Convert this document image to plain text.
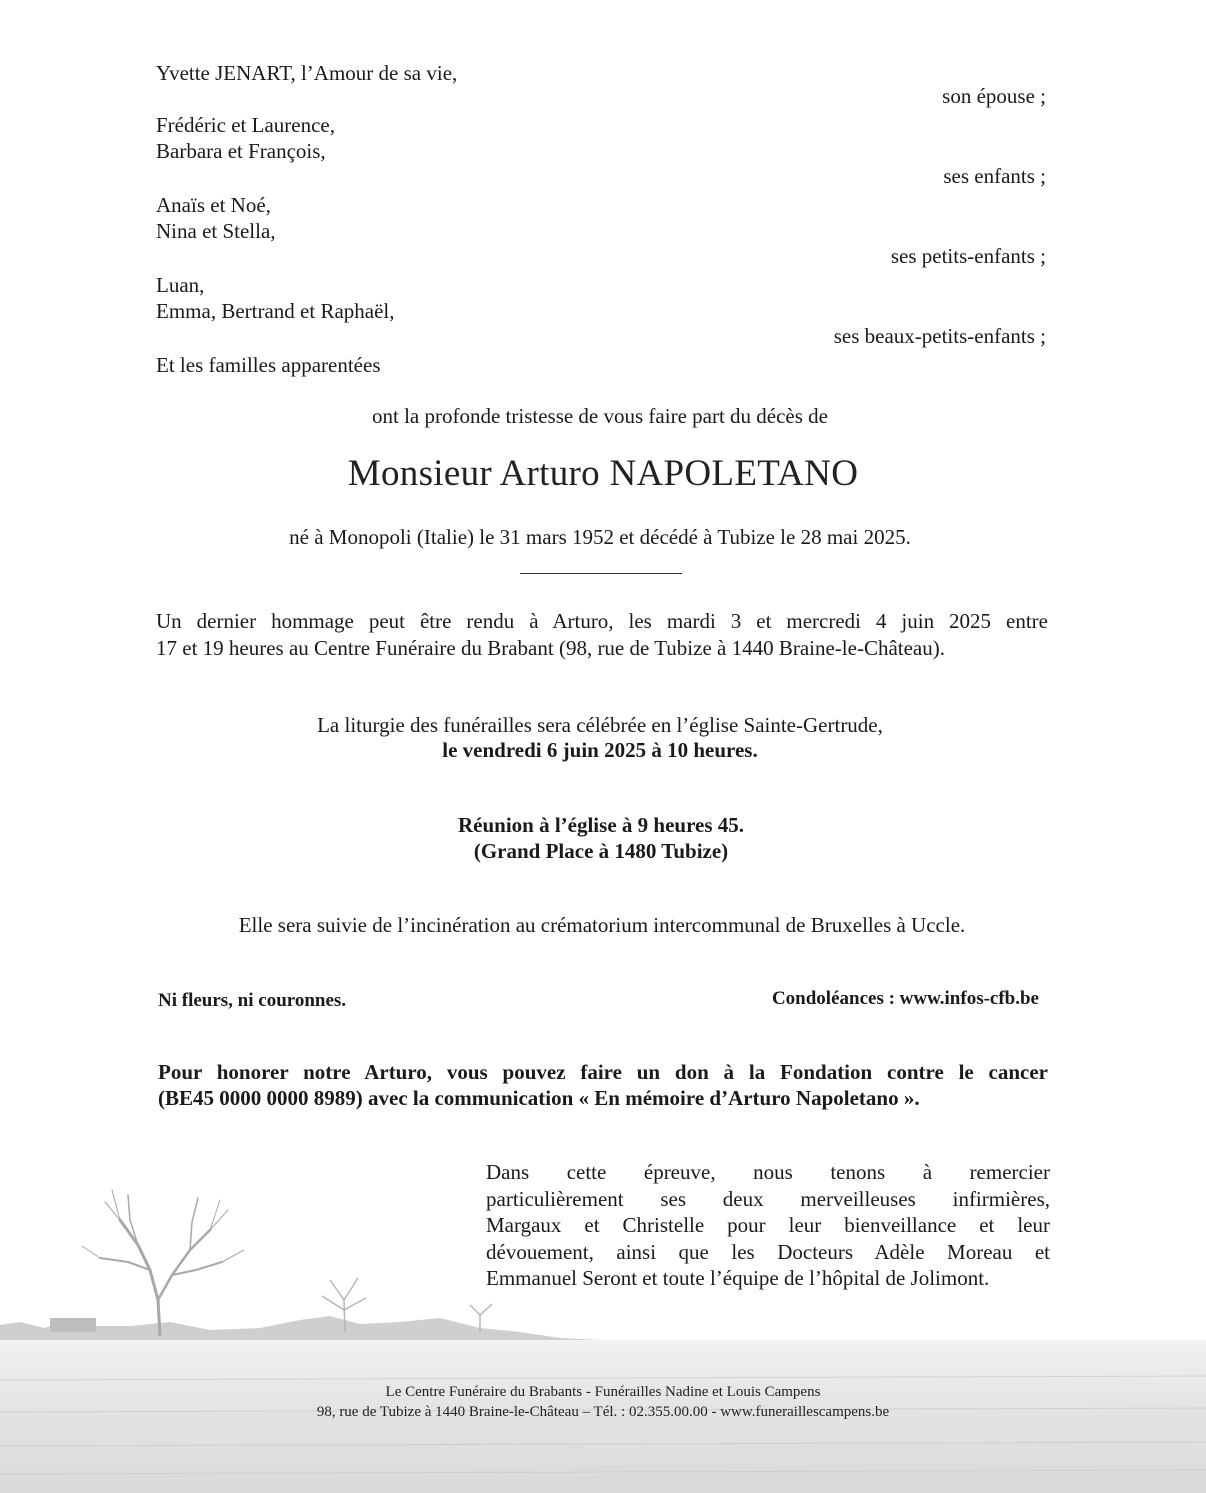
Yvette JENART, l’Amour de sa vie,
son épouse ;
Frédéric et Laurence,
Barbara et François,
ses enfants ;
Anaïs et Noé,
Nina et Stella,
ses petits-enfants ;
Luan,
Emma, Bertrand et Raphaël,
ses beaux-petits-enfants ;
Et les familles apparentées
ont la profonde tristesse de vous faire part du décès de
Monsieur Arturo NAPOLETANO
né à Monopoli (Italie) le 31 mars 1952 et décédé à Tubize le 28 mai 2025.
Un dernier hommage peut être rendu à Arturo, les mardi 3 et mercredi 4 juin 2025 entre
17 et 19 heures au Centre Funéraire du Brabant (98, rue de Tubize à 1440 Braine-le-Château).
La liturgie des funérailles sera célébrée en l’église Sainte-Gertrude,
le vendredi 6 juin 2025 à 10 heures.
Réunion à l’église à 9 heures 45.
(Grand Place à 1480 Tubize)
Elle sera suivie de l’incinération au crématorium intercommunal de Bruxelles à Uccle.
Ni fleurs, ni couronnes.	Condoléances : www.infos-cfb.be
Pour honorer notre Arturo, vous pouvez faire un don à la Fondation contre le cancer
(BE45 0000 0000 8989) avec la communication « En mémoire d’Arturo Napoletano ».

Dans cette épreuve, nous tenons à remercier

particulièrement ses deux merveilleuses infirmières,

Margaux et Christelle pour leur bienveillance et leur

dévouement, ainsi que les Docteurs Adèle Moreau et

Emmanuel Seront et toute l’équipe de l’hôpital de Jolimont.

Le Centre Funéraire du Brabants - Funérailles Nadine et Louis Campens
98, rue de Tubize à 1440 Braine-le-Château – Tél. : 02.355.00.00 - www.funeraillescampens.be
